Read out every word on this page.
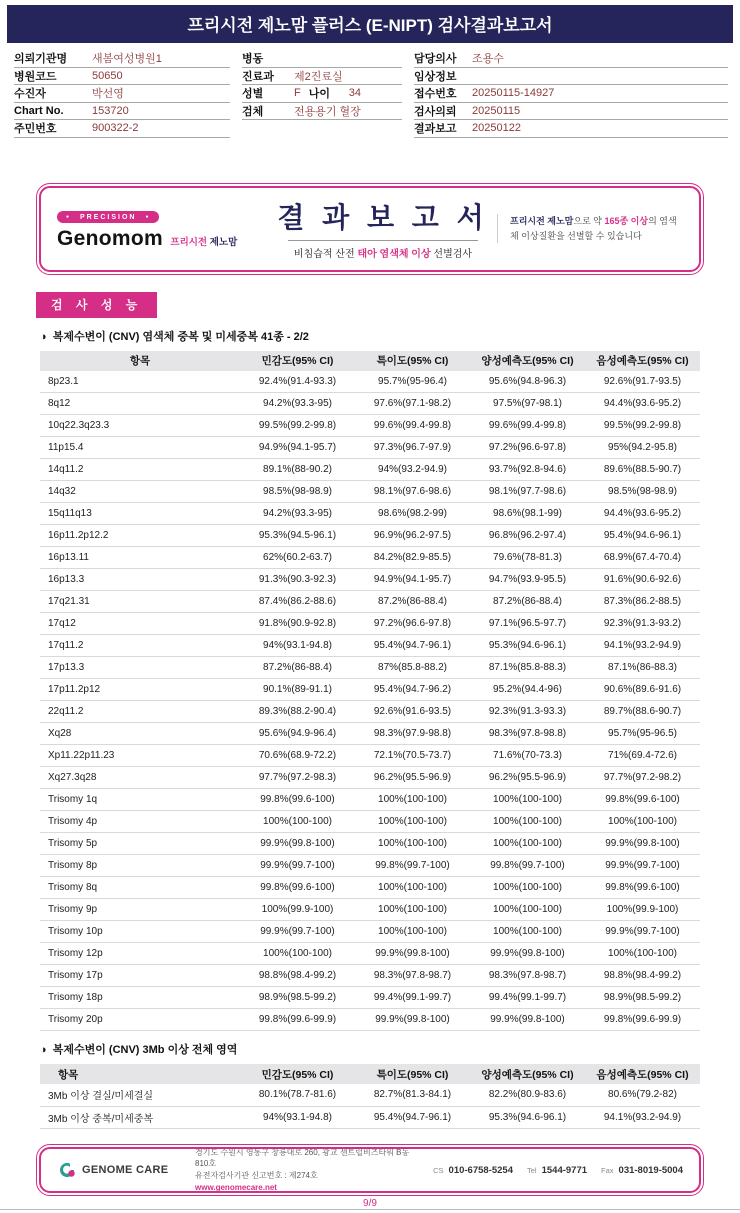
프리시전 제노맘 플러스 (E-NIPT) 검사결과보고서
의뢰기관명	새봄여성병원1
병원코드	50650
수진자	박선영
Chart No.	153720
주민번호	900322-2
병동
진료과	제2진료실
성별	F 나이	34
검체	전용용기 혈장
담당의사	조용수
임상정보
접수번호	20250115-14927
검사의뢰	20250115
결과보고	20250122
● PRECISION ●
Genomom 프리시전 제노맘
결 과 보 고 서
비침습적 산전 태아 염색체 이상 선별검사
프리시전 제노맘으로 약 165종 이상의 염색체 이상질환을 선별할 수 있습니다
검 사 성 능
◑ 복제수변이 (CNV) 염색체 중복 및 미세중복 41종 - 2/2
항목	민감도(95% CI)	특이도(95% CI)	양성예측도(95% CI)	음성예측도(95% CI)
8p23.1	92.4%(91.4-93.3)	95.7%(95-96.4)	95.6%(94.8-96.3)	92.6%(91.7-93.5)
8q12	94.2%(93.3-95)	97.6%(97.1-98.2)	97.5%(97-98.1)	94.4%(93.6-95.2)
10q22.3q23.3	99.5%(99.2-99.8)	99.6%(99.4-99.8)	99.6%(99.4-99.8)	99.5%(99.2-99.8)
11p15.4	94.9%(94.1-95.7)	97.3%(96.7-97.9)	97.2%(96.6-97.8)	95%(94.2-95.8)
14q11.2	89.1%(88-90.2)	94%(93.2-94.9)	93.7%(92.8-94.6)	89.6%(88.5-90.7)
14q32	98.5%(98-98.9)	98.1%(97.6-98.6)	98.1%(97.7-98.6)	98.5%(98-98.9)
15q11q13	94.2%(93.3-95)	98.6%(98.2-99)	98.6%(98.1-99)	94.4%(93.6-95.2)
16p11.2p12.2	95.3%(94.5-96.1)	96.9%(96.2-97.5)	96.8%(96.2-97.4)	95.4%(94.6-96.1)
16p13.11	62%(60.2-63.7)	84.2%(82.9-85.5)	79.6%(78-81.3)	68.9%(67.4-70.4)
16p13.3	91.3%(90.3-92.3)	94.9%(94.1-95.7)	94.7%(93.9-95.5)	91.6%(90.6-92.6)
17q21.31	87.4%(86.2-88.6)	87.2%(86-88.4)	87.2%(86-88.4)	87.3%(86.2-88.5)
17q12	91.8%(90.9-92.8)	97.2%(96.6-97.8)	97.1%(96.5-97.7)	92.3%(91.3-93.2)
17q11.2	94%(93.1-94.8)	95.4%(94.7-96.1)	95.3%(94.6-96.1)	94.1%(93.2-94.9)
17p13.3	87.2%(86-88.4)	87%(85.8-88.2)	87.1%(85.8-88.3)	87.1%(86-88.3)
17p11.2p12	90.1%(89-91.1)	95.4%(94.7-96.2)	95.2%(94.4-96)	90.6%(89.6-91.6)
22q11.2	89.3%(88.2-90.4)	92.6%(91.6-93.5)	92.3%(91.3-93.3)	89.7%(88.6-90.7)
Xq28	95.6%(94.9-96.4)	98.3%(97.9-98.8)	98.3%(97.8-98.8)	95.7%(95-96.5)
Xp11.22p11.23	70.6%(68.9-72.2)	72.1%(70.5-73.7)	71.6%(70-73.3)	71%(69.4-72.6)
Xq27.3q28	97.7%(97.2-98.3)	96.2%(95.5-96.9)	96.2%(95.5-96.9)	97.7%(97.2-98.2)
Trisomy 1q	99.8%(99.6-100)	100%(100-100)	100%(100-100)	99.8%(99.6-100)
Trisomy 4p	100%(100-100)	100%(100-100)	100%(100-100)	100%(100-100)
Trisomy 5p	99.9%(99.8-100)	100%(100-100)	100%(100-100)	99.9%(99.8-100)
Trisomy 8p	99.9%(99.7-100)	99.8%(99.7-100)	99.8%(99.7-100)	99.9%(99.7-100)
Trisomy 8q	99.8%(99.6-100)	100%(100-100)	100%(100-100)	99.8%(99.6-100)
Trisomy 9p	100%(99.9-100)	100%(100-100)	100%(100-100)	100%(99.9-100)
Trisomy 10p	99.9%(99.7-100)	100%(100-100)	100%(100-100)	99.9%(99.7-100)
Trisomy 12p	100%(100-100)	99.9%(99.8-100)	99.9%(99.8-100)	100%(100-100)
Trisomy 17p	98.8%(98.4-99.2)	98.3%(97.8-98.7)	98.3%(97.8-98.7)	98.8%(98.4-99.2)
Trisomy 18p	98.9%(98.5-99.2)	99.4%(99.1-99.7)	99.4%(99.1-99.7)	98.9%(98.5-99.2)
Trisomy 20p	99.8%(99.6-99.9)	99.9%(99.8-100)	99.9%(99.8-100)	99.8%(99.6-99.9)
◑ 복제수변이 (CNV) 3Mb 이상 전체 영역
항목	민감도(95% CI)	특이도(95% CI)	양성예측도(95% CI)	음성예측도(95% CI)
3Mb 이상 결실/미세결실	80.1%(78.7-81.6)	82.7%(81.3-84.1)	82.2%(80.9-83.6)	80.6%(79.2-82)
3Mb 이상 중복/미세중복	94%(93.1-94.8)	95.4%(94.7-96.1)	95.3%(94.6-96.1)	94.1%(93.2-94.9)
GENOME CARE
경기도 수원시 영통구 창룡대로 260, 광교 센트럴비즈타워 B동 810호
유전자검사기관 신고번호 : 제274호
www.genomecare.net
CS 010-6758-5254 Tel 1544-9771 Fax 031-8019-5004
9/9
